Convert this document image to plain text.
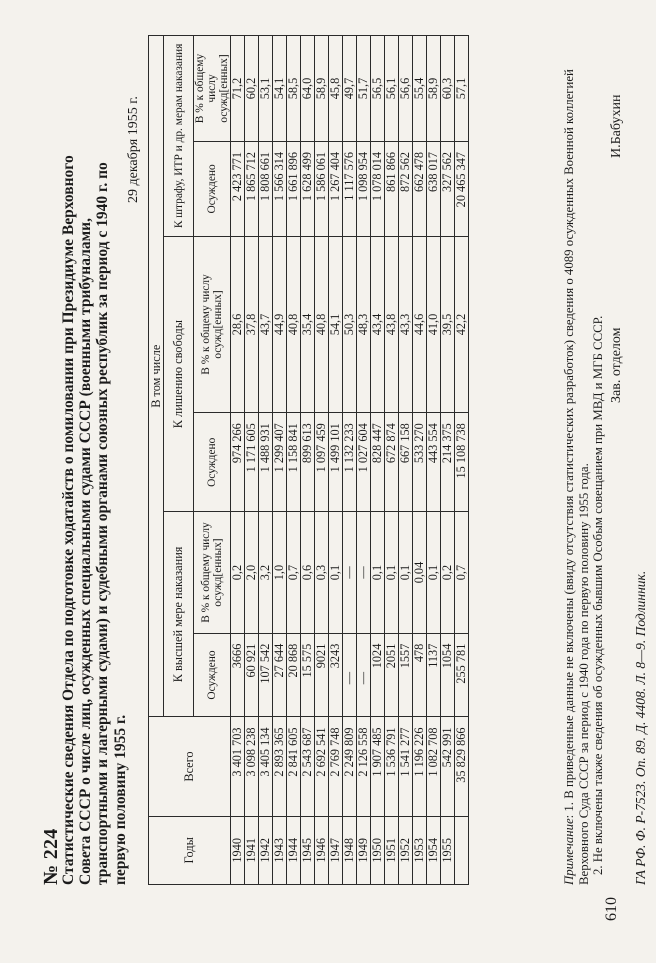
№ 224
Статистические сведения Отдела по подготовке ходатайств о помиловании при Президиуме Верховного Совета СССР о числе лиц, осужденных специальными судами СССР (военными трибуналами, транспортными и лагерными судами) и судебными органами союзных республик за период с 1940 г. по первую половину 1955 г.
29 декабря 1955 г.
Годы	Всего	В том числе					
		К высшей мере наказания		К лишению свободы		К штрафу, ИТР и др. мерам наказания	
		Осуждено	В % к общему числу осужд[енных]	Осуждено	В % к общему числу осужд[енных]	Осуждено	В % к общему числу осужд[енных]
1940	3 401 703	3666	0,2	974 266	28,6	2 423 771	71,2
1941	3 098 238	60 921	2,0	1 171 605	37,8	1 865 712	60,2
1942	3 405 134	107 542	3,2	1 488 931	43,7	1 808 661	53,1
1943	2 893 365	27 644	1,0	1 299 407	44,9	1 566 314	54,1
1944	2 841 605	20 868	0,7	1 158 841	40,8	1 661 896	58,5
1945	2 543 687	15 575	0,6	899 613	35,4	1 628 499	64,0
1946	2 692 541	9021	0,3	1 097 459	40,8	1 586 061	58,9
1947	2 769 748	3243	0,1	1 499 101	54,1	1 267 404	45,8
1948	2 249 809	—	—	1 132 233	50,3	1 117 576	49,7
1949	2 126 558	—	—	1 027 604	48,3	1 098 954	51,7
1950	1 907 485	1024	0,1	828 447	43,4	1 078 014	56,5
1951	1 536 791	2051	0,1	672 874	43,8	861 866	56,1
1952	1 541 277	1557	0,1	667 158	43,3	872 562	56,6
1953	1 196 226	478	0,04	533 270	44,6	662 478	55,4
1954	1 082 708	1137	0,1	443 554	41,0	638 017	58,9
1955	542 991	1054	0,2	214 375	39,5	327 562	60,3
	35 829 866	255 781	0,7	15 108 738	42,2	20 465 347	57,1
Примечание: 1. В приведенные данные не включены (ввиду отсутствия статистических разработок) сведения о 4089 осужденных Военной коллегией Верховного Суда СССР за период с 1940 года по первую половину 1955 года. 2. Не включены также сведения об осужденных бывшим Особым совещанием при МВД и МГБ СССР. Зав. отделом
И.Бабухин
ГА РФ. Ф. Р-7523. Оп. 89. Д. 4408. Л. 8—9. Подлинник.
610
